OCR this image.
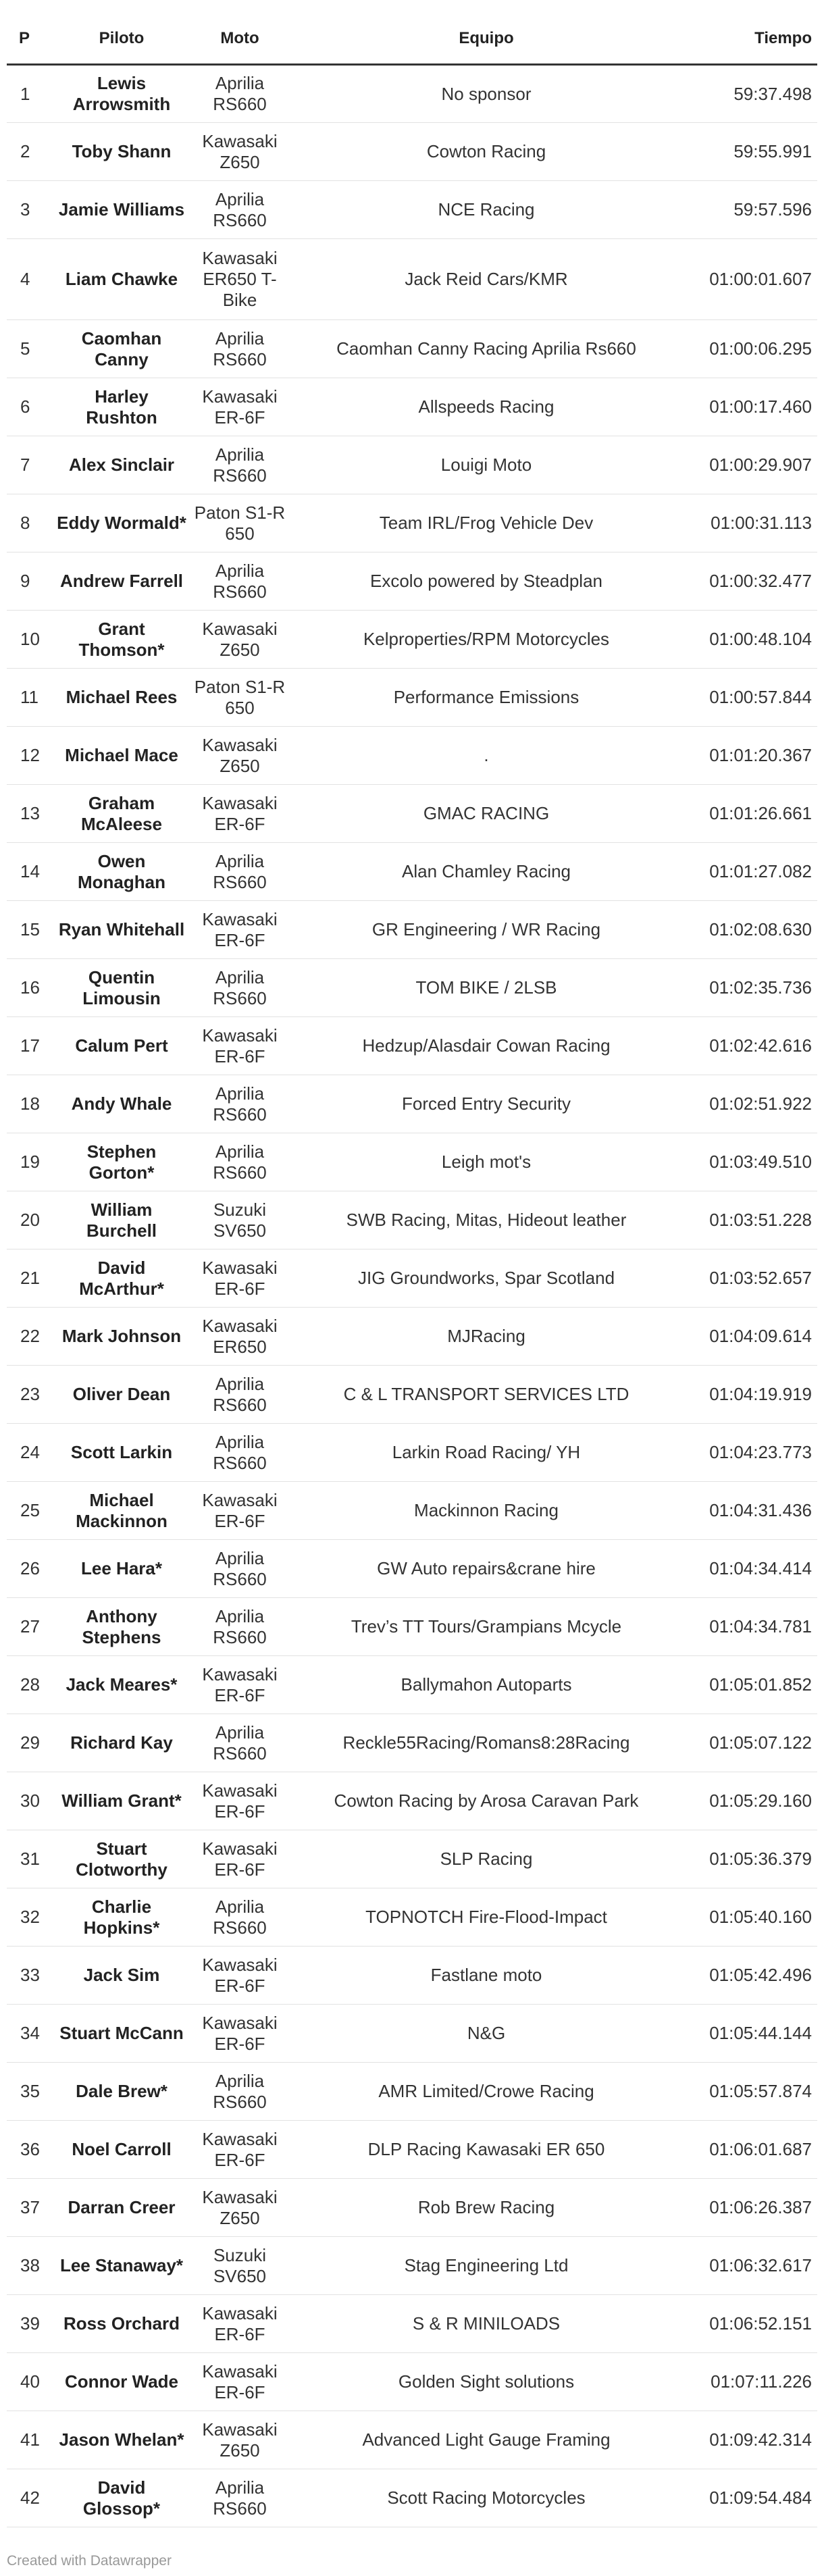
P	Piloto	Moto	Equipo	Tiempo
1	Lewis Arrowsmith	Aprilia RS660	No sponsor	59:37.498
2	Toby Shann	Kawasaki Z650	Cowton Racing	59:55.991
3	Jamie Williams	Aprilia RS660	NCE Racing	59:57.596
4	Liam Chawke	Kawasaki ER650 T-Bike	Jack Reid Cars/KMR	01:00:01.607
5	Caomhan Canny	Aprilia RS660	Caomhan Canny Racing Aprilia Rs660	01:00:06.295
6	Harley Rushton	Kawasaki ER-6F	Allspeeds Racing	01:00:17.460
7	Alex Sinclair	Aprilia RS660	Louigi Moto	01:00:29.907
8	Eddy Wormald*	Paton S1-R 650	Team IRL/Frog Vehicle Dev	01:00:31.113
9	Andrew Farrell	Aprilia RS660	Excolo powered by Steadplan	01:00:32.477
10	Grant Thomson*	Kawasaki Z650	Kelproperties/RPM Motorcycles	01:00:48.104
11	Michael Rees	Paton S1-R 650	Performance Emissions	01:00:57.844
12	Michael Mace	Kawasaki Z650	.	01:01:20.367
13	Graham McAleese	Kawasaki ER-6F	GMAC RACING	01:01:26.661
14	Owen Monaghan	Aprilia RS660	Alan Chamley Racing	01:01:27.082
15	Ryan Whitehall	Kawasaki ER-6F	GR Engineering / WR Racing	01:02:08.630
16	Quentin Limousin	Aprilia RS660	TOM BIKE / 2LSB	01:02:35.736
17	Calum Pert	Kawasaki ER-6F	Hedzup/Alasdair Cowan Racing	01:02:42.616
18	Andy Whale	Aprilia RS660	Forced Entry Security	01:02:51.922
19	Stephen Gorton*	Aprilia RS660	Leigh mot's	01:03:49.510
20	William Burchell	Suzuki SV650	SWB Racing, Mitas, Hideout leather	01:03:51.228
21	David McArthur*	Kawasaki ER-6F	JIG Groundworks, Spar Scotland	01:03:52.657
22	Mark Johnson	Kawasaki ER650	MJRacing	01:04:09.614
23	Oliver Dean	Aprilia RS660	C & L TRANSPORT SERVICES LTD	01:04:19.919
24	Scott Larkin	Aprilia RS660	Larkin Road Racing/ YH	01:04:23.773
25	Michael Mackinnon	Kawasaki ER-6F	Mackinnon Racing	01:04:31.436
26	Lee Hara*	Aprilia RS660	GW Auto repairs&crane hire	01:04:34.414
27	Anthony Stephens	Aprilia RS660	Trev’s TT Tours/Grampians Mcycle	01:04:34.781
28	Jack Meares*	Kawasaki ER-6F	Ballymahon Autoparts	01:05:01.852
29	Richard Kay	Aprilia RS660	Reckle55Racing/Romans8:28Racing	01:05:07.122
30	William Grant*	Kawasaki ER-6F	Cowton Racing by Arosa Caravan Park	01:05:29.160
31	Stuart Clotworthy	Kawasaki ER-6F	SLP Racing	01:05:36.379
32	Charlie Hopkins*	Aprilia RS660	TOPNOTCH Fire-Flood-Impact	01:05:40.160
33	Jack Sim	Kawasaki ER-6F	Fastlane moto	01:05:42.496
34	Stuart McCann	Kawasaki ER-6F	N&G	01:05:44.144
35	Dale Brew*	Aprilia RS660	AMR Limited/Crowe Racing	01:05:57.874
36	Noel Carroll	Kawasaki ER-6F	DLP Racing Kawasaki ER 650	01:06:01.687
37	Darran Creer	Kawasaki Z650	Rob Brew Racing	01:06:26.387
38	Lee Stanaway*	Suzuki SV650	Stag Engineering Ltd	01:06:32.617
39	Ross Orchard	Kawasaki ER-6F	S & R MINILOADS	01:06:52.151
40	Connor Wade	Kawasaki ER-6F	Golden Sight solutions	01:07:11.226
41	Jason Whelan*	Kawasaki Z650	Advanced Light Gauge Framing	01:09:42.314
42	David Glossop*	Aprilia RS660	Scott Racing Motorcycles	01:09:54.484
Created with Datawrapper
